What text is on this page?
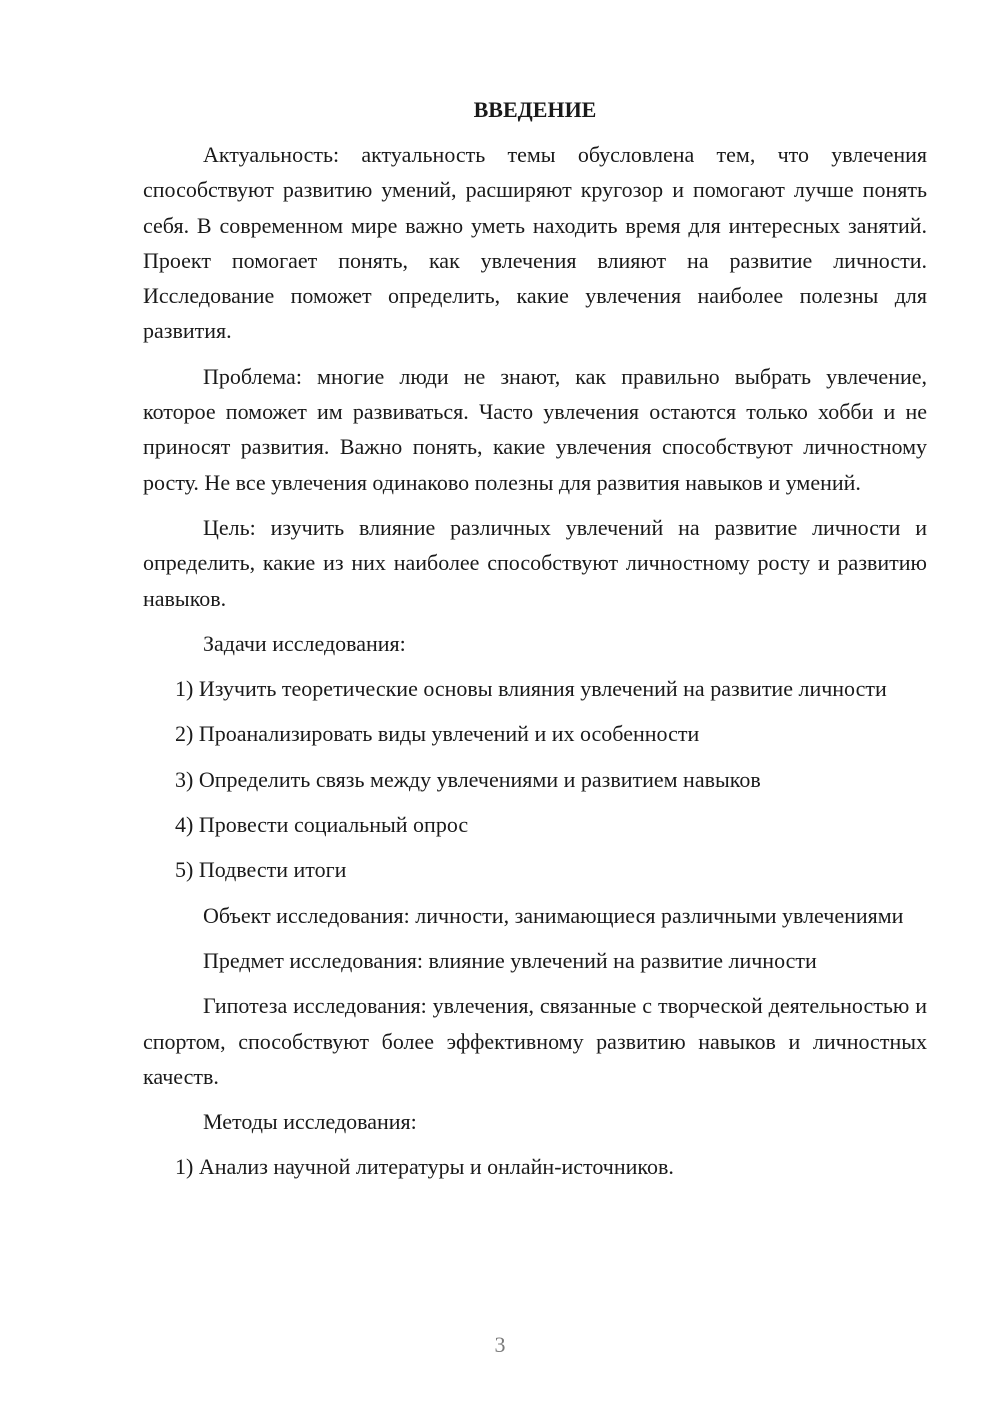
ВВЕДЕНИЕ

Актуальность: актуальность темы обусловлена тем, что увлечения способствуют развитию умений, расширяют кругозор и помогают лучше понять себя. В современном мире важно уметь находить время для интересных занятий. Проект помогает понять, как увлечения влияют на развитие личности. Исследование поможет определить, какие увлечения наиболее полезны для развития.

Проблема: многие люди не знают, как правильно выбрать увлечение, которое поможет им развиваться. Часто увлечения остаются только хобби и не приносят развития. Важно понять, какие увлечения способствуют личностному росту. Не все увлечения одинаково полезны для развития навыков и умений.

Цель: изучить влияние различных увлечений на развитие личности и определить, какие из них наиболее способствуют личностному росту и развитию навыков.

Задачи исследования:

1) Изучить теоретические основы влияния увлечений на развитие личности

2) Проанализировать виды увлечений и их особенности

3) Определить связь между увлечениями и развитием навыков

4) Провести социальный опрос

5) Подвести итоги

Объект исследования: личности, занимающиеся различными увлечениями

Предмет исследования: влияние увлечений на развитие личности

Гипотеза исследования: увлечения, связанные с творческой деятельностью и спортом, способствуют более эффективному развитию навыков и личностных качеств.

Методы исследования:

1) Анализ научной литературы и онлайн-источников.

3
